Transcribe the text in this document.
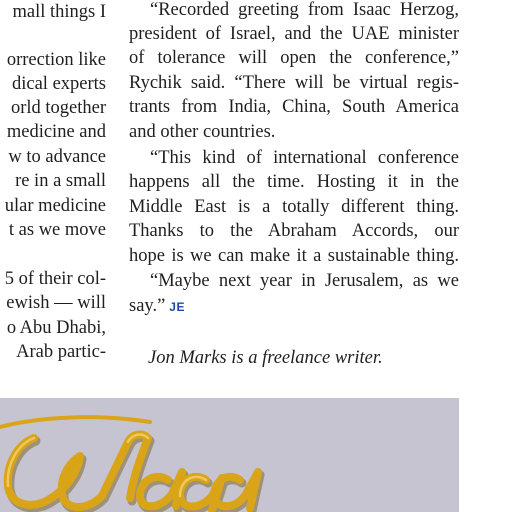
mall things I
orrection like
dical experts
orld together
medicine and
w to advance
re in a small
ular medicine
t as we move
5 of their col-
ewish — will
o Abu Dhabi,
Arab partic-
“Recorded greeting from Isaac Herzog,
president of Israel, and the UAE minister
of tolerance will open the conference,”
Rychik said. “There will be virtual regis-
trants from India, China, South America
and other countries.
“This kind of international conference
happens all the time. Hosting it in the
Middle East is a totally different thing.
Thanks to the Abraham Accords, our
hope is we can make it a sustainable thing.
“Maybe next year in Jerusalem, as we
say.” JE
Jon Marks is a freelance writer.
